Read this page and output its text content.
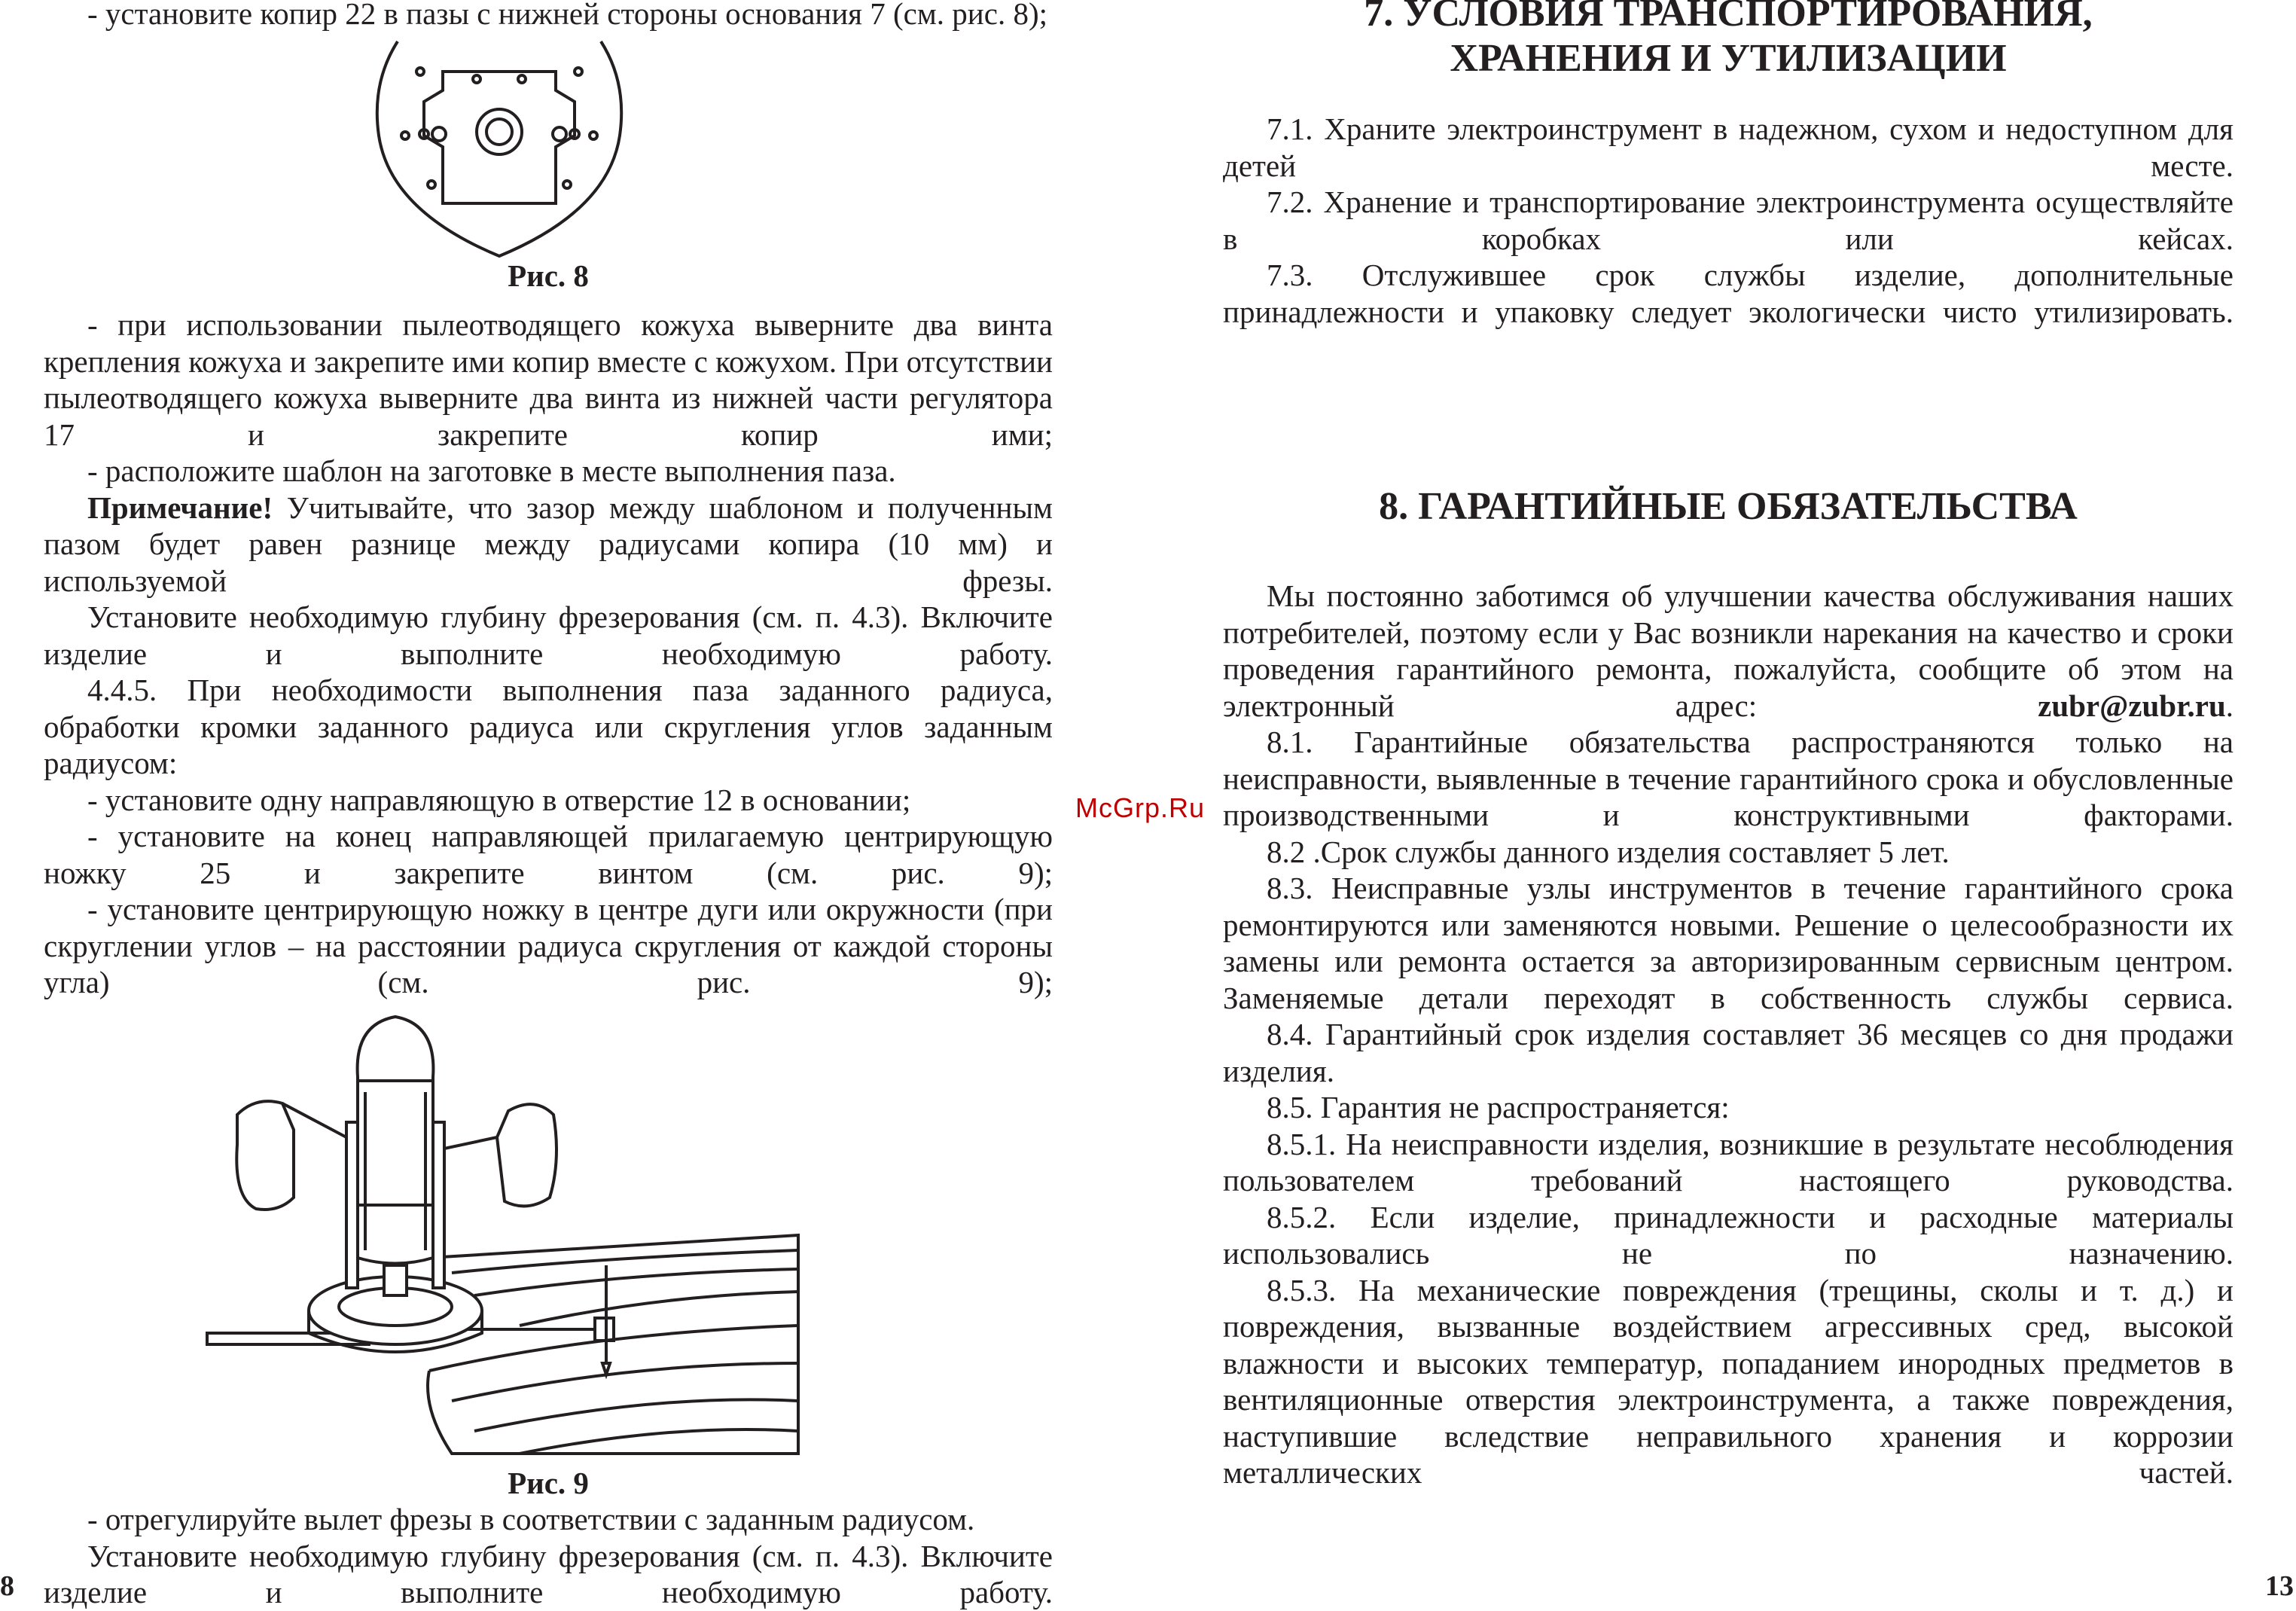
- установите копир 22 в пазы с нижней стороны основания 7 (см. рис. 8);

Рис. 8

- при использовании пылеотводящего кожуха выверните два винта крепления кожуха и закрепите ими копир вместе с кожухом. При отсутствии пылеотводящего кожуха выверните два винта из нижней части регулятора 17 и закрепите копир ими;

- расположите шаблон на заготовке в месте выполнения паза.

Примечание! Учитывайте, что зазор между шаблоном и полученным пазом будет равен разнице между радиусами копира (10 мм) и используемой фрезы.

Установите необходимую глубину фрезерования (см. п. 4.3). Включите изделие и выполните необходимую работу.

4.4.5. При необходимости выполнения паза заданного радиуса, обработки кромки заданного радиуса или скругления углов заданным радиусом:

- установите одну направляющую в отверстие 12 в основании;

- установите на конец направляющей прилагаемую центрирующую ножку 25 и закрепите винтом (см. рис. 9);

- установите центрирующую ножку в центре дуги или окружности (при скруглении углов – на расстоянии радиуса скругления от каждой стороны угла) (см. рис. 9);

Рис. 9

- отрегулируйте вылет фрезы в соответствии с заданным радиусом.

Установите необходимую глубину фрезерования (см. п. 4.3). Включите изделие и выполните необходимую работу.

8

7. УСЛОВИЯ ТРАНСПОРТИРОВАНИЯ,

ХРАНЕНИЯ И УТИЛИЗАЦИИ

7.1. Храните электроинструмент в надежном, сухом и недоступном для детей месте.

7.2. Хранение и транспортирование электроинструмента осуществляйте в коробках или кейсах.

7.3. Отслужившее срок службы изделие, дополнительные принадлежности и упаковку следует экологически чисто утилизировать.

8. ГАРАНТИЙНЫЕ ОБЯЗАТЕЛЬСТВА

Мы постоянно заботимся об улучшении качества обслуживания наших потребителей, поэтому если у Вас возникли нарекания на качество и сроки проведения гарантийного ремонта, пожалуйста, сообщите об этом на электронный адрес: zubr@zubr.ru.

8.1. Гарантийные обязательства распространяются только на неисправности, выявленные в течение гарантийного срока и обусловленные производственными и конструктивными факторами.

8.2 .Срок службы данного изделия составляет 5 лет.

8.3. Неисправные узлы инструментов в течение гарантийного срока ремонтируются или заменяются новыми. Решение о целесообразности их замены или ремонта остается за авторизированным сервисным центром. Заменяемые детали переходят в собственность службы сервиса.

8.4. Гарантийный срок изделия составляет 36 месяцев со дня продажи изделия.

8.5. Гарантия не распространяется:

8.5.1. На неисправности изделия, возникшие в результате несоблюдения пользователем требований настоящего руководства.

8.5.2. Если изделие, принадлежности и расходные материалы использовались не по назначению.

8.5.3. На механические повреждения (трещины, сколы и т. д.) и повреждения, вызванные воздействием агрессивных сред, высокой влажности и высоких температур, попаданием инородных предметов в вентиляционные отверстия электроинструмента, а также повреждения, наступившие вследствие неправильного хранения и коррозии металлических частей.

13
McGrp.Ru
